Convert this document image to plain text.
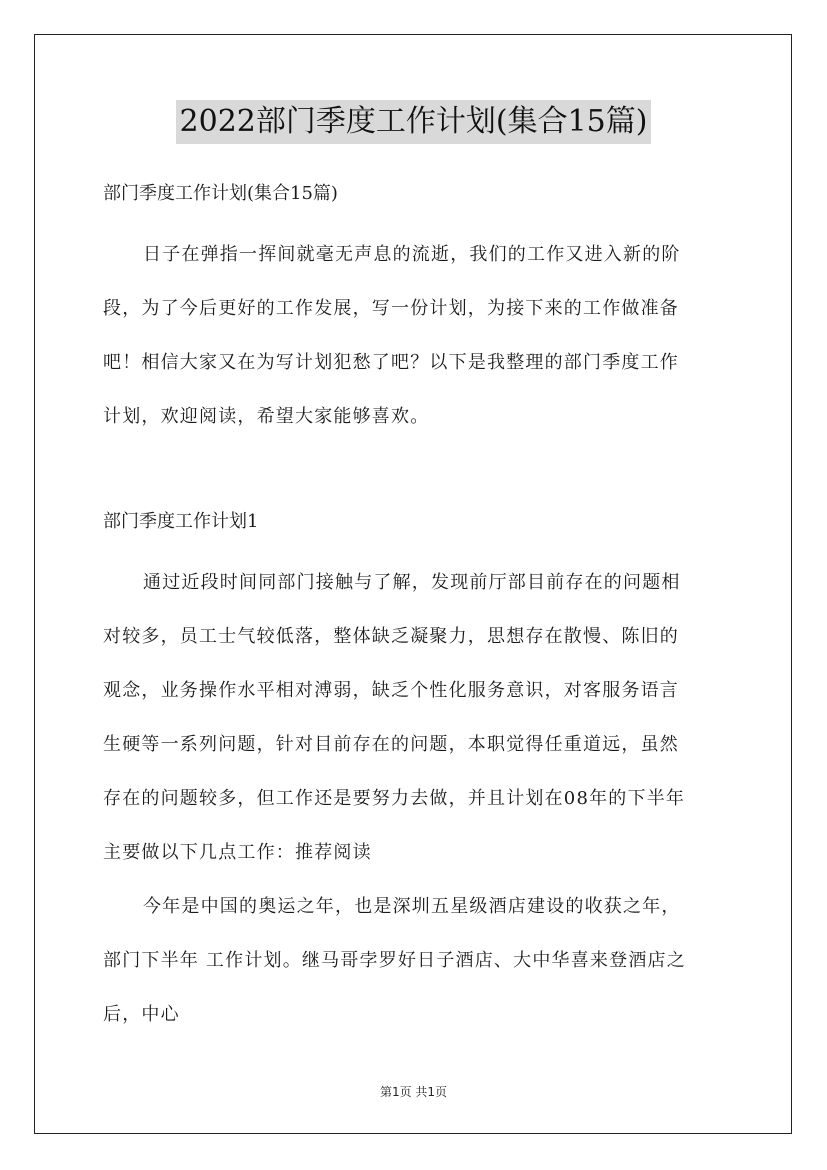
2022部门季度工作计划(集合15篇)
部门季度工作计划(集合15篇)

日子在弹指一挥间就毫无声息的流逝，我们的工作又进入新的阶

段，为了今后更好的工作发展，写一份计划，为接下来的工作做准备

吧！相信大家又在为写计划犯愁了吧？以下是我整理的部门季度工作

计划，欢迎阅读，希望大家能够喜欢。

部门季度工作计划1

通过近段时间同部门接触与了解，发现前厅部目前存在的问题相

对较多，员工士气较低落，整体缺乏凝聚力，思想存在散慢、陈旧的

观念，业务操作水平相对溥弱，缺乏个性化服务意识，对客服务语言

生硬等一系列问题，针对目前存在的问题，本职觉得任重道远，虽然

存在的问题较多，但工作还是要努力去做，并且计划在08年的下半年

主要做以下几点工作：推荐阅读

今年是中国的奥运之年，也是深圳五星级酒店建设的收获之年，

部门下半年 工作计划。继马哥孛罗好日子酒店、大中华喜来登酒店之

后，中心

第1页 共1页
